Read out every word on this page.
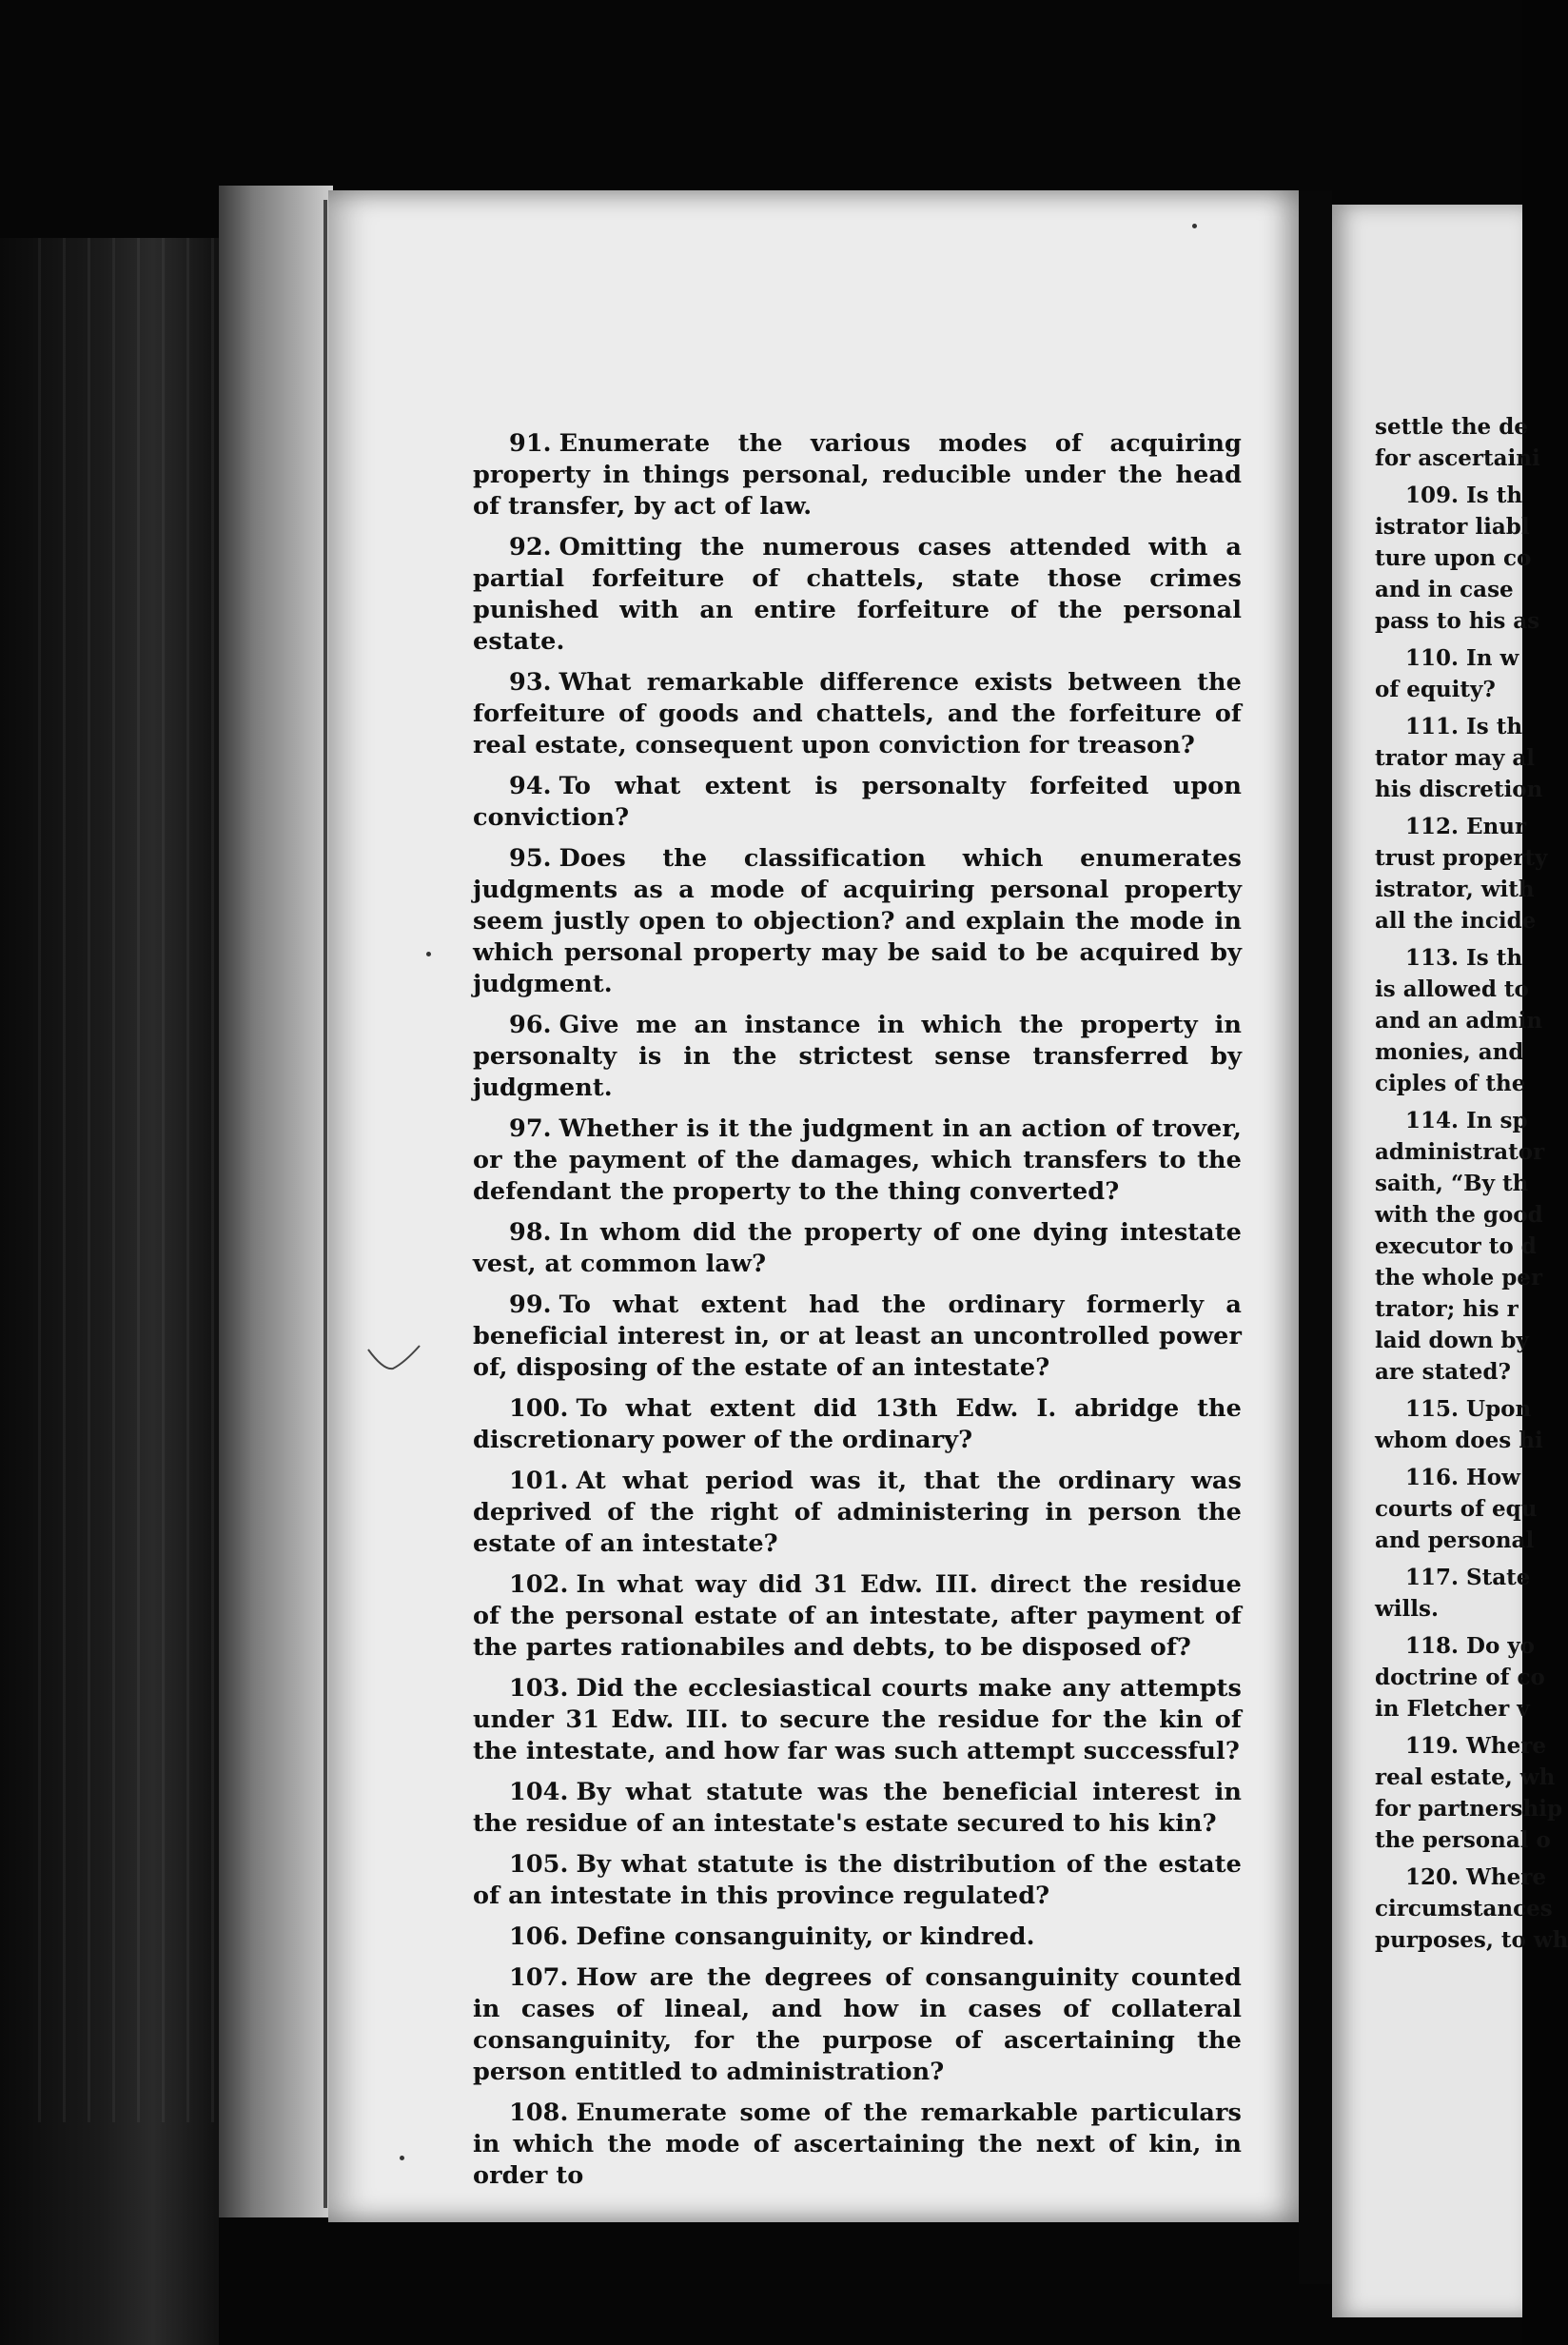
91. Enumerate the various modes of acquiring property in things personal, reducible under the head of transfer, by act of law.

92. Omitting the numerous cases attended with a partial forfeiture of chattels, state those crimes punished with an entire forfeiture of the personal estate.

93. What remarkable difference exists between the forfeiture of goods and chattels, and the forfeiture of real estate, consequent upon conviction for treason?

94. To what extent is personalty forfeited upon conviction?

95. Does the classification which enumerates judgments as a mode of acquiring personal property seem justly open to objection? and explain the mode in which personal property may be said to be acquired by judgment.

96. Give me an instance in which the property in personalty is in the strictest sense transferred by judgment.

97. Whether is it the judgment in an action of trover, or the payment of the damages, which transfers to the defendant the property to the thing converted?

98. In whom did the property of one dying intestate vest, at common law?

99. To what extent had the ordinary formerly a beneficial interest in, or at least an uncontrolled power of, disposing of the estate of an intestate?

100. To what extent did 13th Edw. I. abridge the discretionary power of the ordinary?

101. At what period was it, that the ordinary was deprived of the right of administering in person the estate of an intestate?

102. In what way did 31 Edw. III. direct the residue of the personal estate of an intestate, after payment of the partes rationabiles and debts, to be disposed of?

103. Did the ecclesiastical courts make any attempts under 31 Edw. III. to secure the residue for the kin of the intestate, and how far was such attempt successful?

104. By what statute was the beneficial interest in the residue of an intestate's estate secured to his kin?

105. By what statute is the distribution of the estate of an intestate in this province regulated?

106. Define consanguinity, or kindred.

107. How are the degrees of consanguinity counted in cases of lineal, and how in cases of collateral consanguinity, for the purpose of ascertaining the person entitled to administration?

108. Enumerate some of the remarkable particulars in which the mode of ascertaining the next of kin, in order to

settle the de

for ascertaini

109. Is th

istrator liabl

ture upon co

and in case

pass to his as

110. In w

of equity?

111. Is th

trator may al

his discretion

112. Enur

trust property

istrator, with

all the incide

113. Is th

is allowed to

and an admin

monies, and

ciples of the

114. In sp

administrator

saith, “By th

with the good

executor to d

the whole per

trator; his r

laid down by

are stated?

115. Upon

whom does hi

116. How

courts of equ

and personal

117. State

wills.

118. Do yo

doctrine of co

in Fletcher v

119. Where

real estate, wh

for partnership

the personal o

120. Where

circumstances

purposes, to wh
